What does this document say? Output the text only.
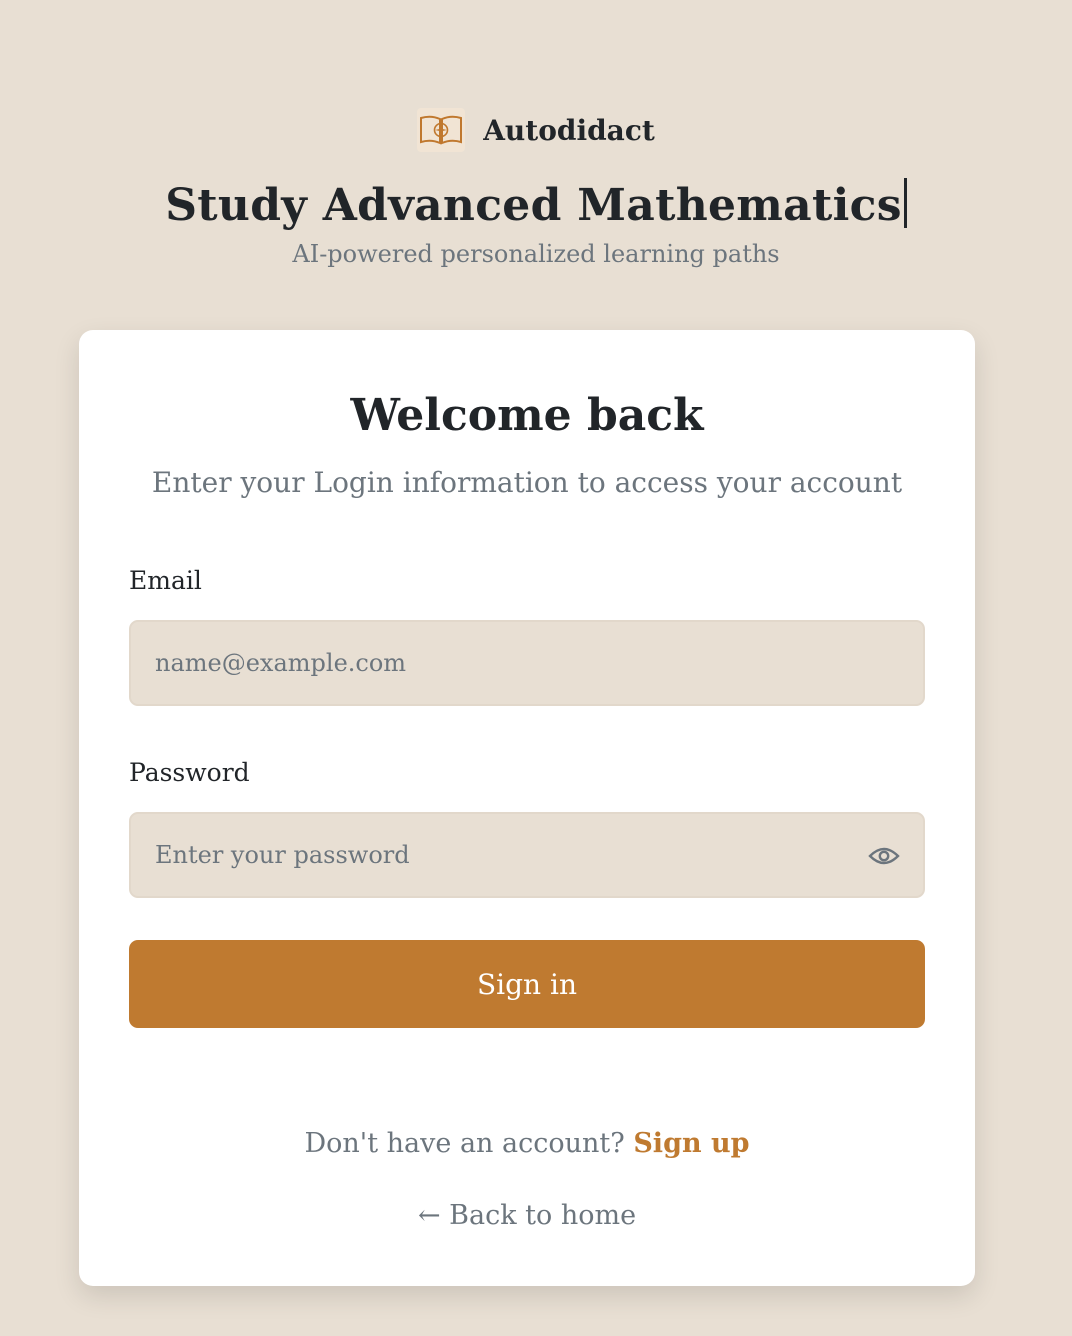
Autodidact
Study Advanced Mathematics
AI-powered personalized learning paths
Welcome back
Enter your Login information to access your account
Email
name@example.com
Password
Sign in
Don't have an account? Sign up
← Back to home
